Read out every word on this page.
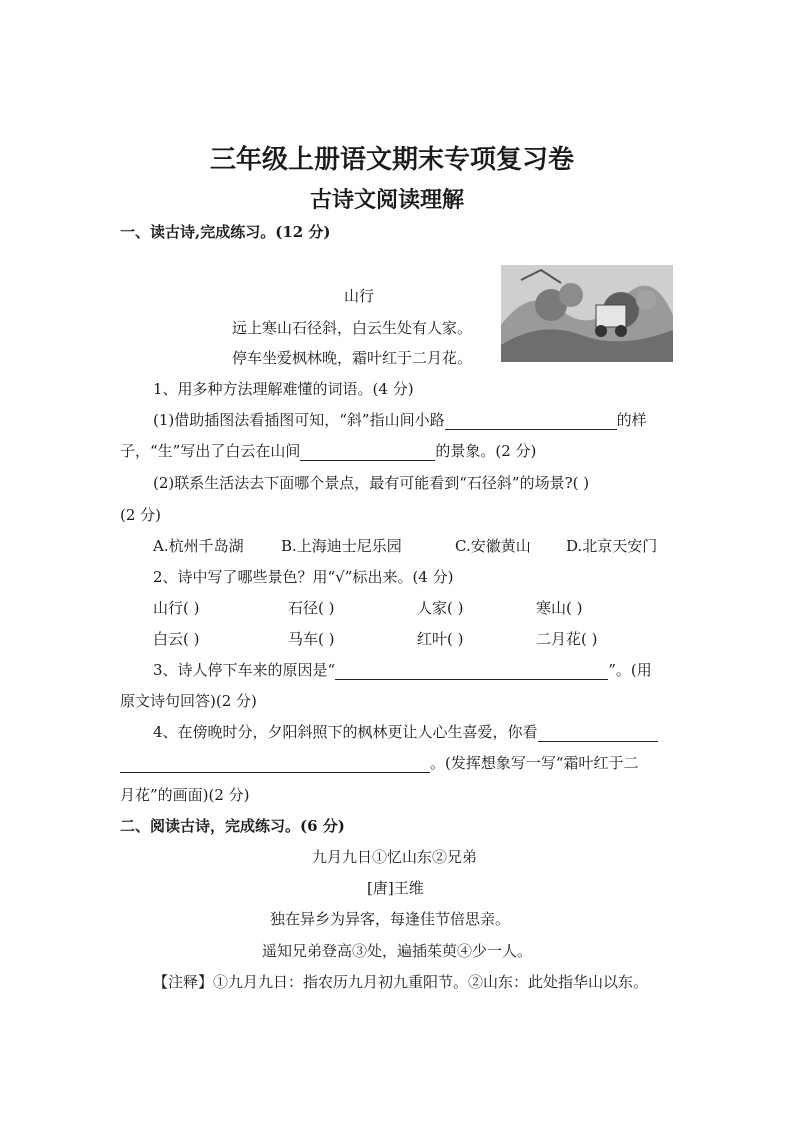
三年级上册语文期末专项复习卷
古诗文阅读理解
一、读古诗,完成练习。(12 分)
山行
远上寒山石径斜，白云生处有人家。
停车坐爱枫林晚，霜叶红于二月花。
1、用多种方法理解难懂的词语。(4 分)
(1)借助插图法看插图可知，“斜”指山间小路	的样
子，“生”写出了白云在山间	的景象。(2 分)
(2)联系生活法去下面哪个景点，最有可能看到“石径斜”的场景?( )
(2 分)
A.杭州千岛湖 B.上海迪士尼乐园	C.安徽黄山 D.北京天安门
2、诗中写了哪些景色？用“√”标出来。(4 分)
山行( )	石径( )	人家( )	寒山( )
白云( )	马车( )	红叶( )	二月花( )
3、诗人停下车来的原因是“	”。(用
原文诗句回答)(2 分)
4、在傍晚时分，夕阳斜照下的枫林更让人心生喜爱，你看
。(发挥想象写一写“霜叶红于二
月花”的画面)(2 分)
二、阅读古诗，完成练习。(6 分)
九月九日①忆山东②兄弟
[唐]王维
独在异乡为异客，每逢佳节倍思亲。
遥知兄弟登高③处，遍插茱萸④少一人。
【注释】①九月九日：指农历九月初九重阳节。②山东：此处指华山以东。
